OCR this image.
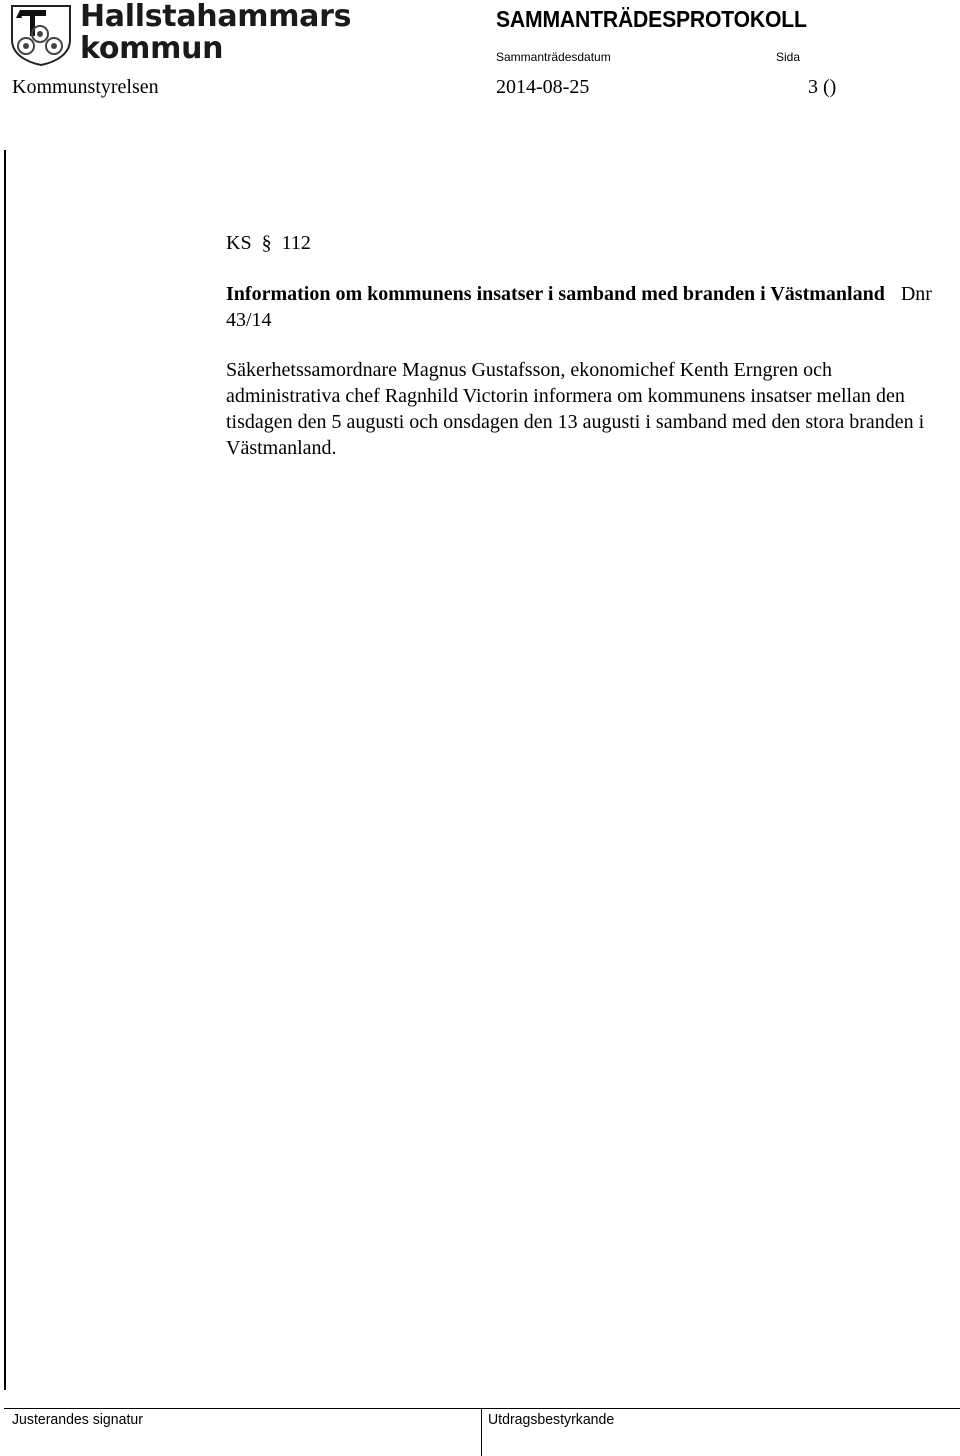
Hallstahammars
kommun
SAMMANTRÄDESPROTOKOLL
Sammanträdesdatum	Sida
Kommunstyrelsen	2014-08-25	3 ()
KS  §  112
Information om kommunens insatser i samband med branden i Västmanland Dnr 43/14
Säkerhetssamordnare Magnus Gustafsson, ekonomichef Kenth Erngren och administrativa chef Ragnhild Victorin informera om kommunens insatser mellan den tisdagen den 5 augusti och onsdagen den 13 augusti i samband med den stora branden i Västmanland.
Justerandes signatur	Utdragsbestyrkande
